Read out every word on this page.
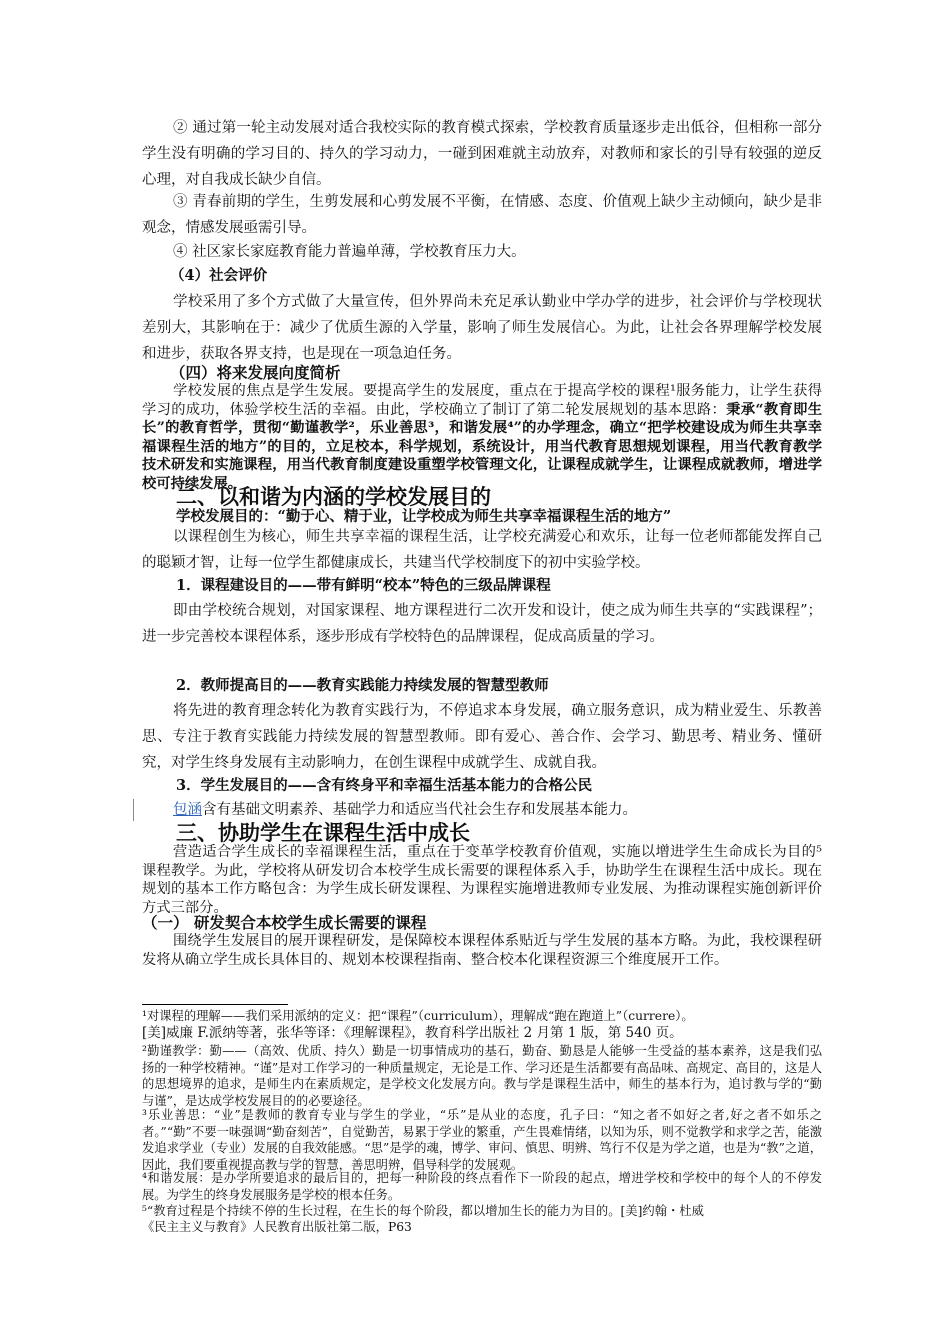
② 通过第一轮主动发展对适合我校实际的教育模式探索，学校教育质量逐步走出低谷，但相称一部分学生没有明确的学习目的、持久的学习动力，一碰到困难就主动放弃，对教师和家长的引导有较强的逆反心理，对自我成长缺少自信。

③ 青春前期的学生，生剪发展和心剪发展不平衡，在情感、态度、价值观上缺少主动倾向，缺少是非观念，情感发展亟需引导。

④ 社区家长家庭教育能力普遍单薄，学校教育压力大。

（4）社会评价

学校采用了多个方式做了大量宣传，但外界尚未充足承认勤业中学办学的进步，社会评价与学校现状差别大，其影响在于：减少了优质生源的入学量，影响了师生发展信心。为此，让社会各界理解学校发展和进步，获取各界支持，也是现在一项急迫任务。

（四）将来发展向度简析

学校发展的焦点是学生发展。要提高学生的发展度，重点在于提高学校的课程¹服务能力，让学生获得学习的成功，体验学校生活的幸福。由此，学校确立了制订了第二轮发展规划的基本思路：秉承“教育即生长”的教育哲学，贯彻“勤谨教学²，乐业善思³，和谐发展⁴”的办学理念，确立“把学校建设成为师生共享幸福课程生活的地方”的目的，立足校本，科学规划，系统设计，用当代教育思想规划课程，用当代教育教学技术研发和实施课程，用当代教育制度建设重塑学校管理文化，让课程成就学生，让课程成就教师，增进学校可持续发展。

二、以和谐为内涵的学校发展目的

学校发展目的：“勤于心、精于业，让学校成为师生共享幸福课程生活的地方”

以课程创生为核心，师生共享幸福的课程生活，让学校充满爱心和欢乐，让每一位老师都能发挥自己的聪颖才智，让每一位学生都健康成长，共建当代学校制度下的初中实验学校。

1．课程建设目的——带有鲜明“校本”特色的三级品牌课程

即由学校统合规划，对国家课程、地方课程进行二次开发和设计，使之成为师生共享的“实践课程”；进一步完善校本课程体系，逐步形成有学校特色的品牌课程，促成高质量的学习。

2．教师提高目的——教育实践能力持续发展的智慧型教师

将先进的教育理念转化为教育实践行为，不停追求本身发展，确立服务意识，成为精业爱生、乐教善思、专注于教育实践能力持续发展的智慧型教师。即有爱心、善合作、会学习、勤思考、精业务、懂研究，对学生终身发展有主动影响力，在创生课程中成就学生、成就自我。

3．学生发展目的——含有终身平和幸福生活基本能力的合格公民

包涵含有基础文明素养、基础学力和适应当代社会生存和发展基本能力。

三、协助学生在课程生活中成长

营造适合学生成长的幸福课程生活，重点在于变革学校教育价值观，实施以增进学生生命成长为目的⁵课程教学。为此，学校将从研发切合本校学生成长需要的课程体系入手，协助学生在课程生活中成长。现在规划的基本工作方略包含：为学生成长研发课程、为课程实施增进教师专业发展、为推动课程实施创新评价方式三部分。

（一） 研发契合本校学生成长需要的课程

围绕学生发展目的展开课程研发，是保障校本课程体系贴近与学生发展的基本方略。为此，我校课程研发将从确立学生成长具体目的、规划本校课程指南、整合校本化课程资源三个维度展开工作。

¹对课程的理解——我们采用派纳的定义：把“课程”（curriculum），理解成“跑在跑道上”（currere）。

[美]威廉 F.派纳等著，张华等译：《理解课程》，教育科学出版社 2 月第 1 版，第 540 页。

²勤谨教学：勤——（高效、优质、持久）勤是一切事情成功的基石，勤奋、勤恳是人能够一生受益的基本素养，这是我们弘扬的一种学校精神。“谨”是对工作学习的一种质量规定，无论是工作、学习还是生活都要有高品味、高规定、高目的，这是人的思想境界的追求，是师生内在素质规定，是学校文化发展方向。教与学是课程生活中，师生的基本行为，追讨教与学的“勤与谨”，是达成学校发展目的的必要途径。

³乐业善思：“业”是教师的教育专业与学生的学业，“乐”是从业的态度，孔子曰：“知之者不如好之者,好之者不如乐之者。”“勤”不要一味强调“勤奋刻苦”，自觉勤苦，易累于学业的繁重，产生畏难情绪，以知为乐，则不觉教学和求学之苦，能激发追求学业（专业）发展的自我效能感。“思”是学的魂，博学、审问、慎思、明辨、笃行不仅是为学之道，也是为“教”之道，因此，我们要重视提高教与学的智慧，善思明辨，倡导科学的发展观。

⁴和谐发展：是办学所要追求的最后目的，把每一种阶段的终点看作下一阶段的起点，增进学校和学校中的每个人的不停发展。为学生的终身发展服务是学校的根本任务。

⁵“教育过程是个持续不停的生长过程，在生长的每个阶段，都以增加生长的能力为目的。[美]约翰・杜威

《民主主义与教育》人民教育出版社第二版，P63
